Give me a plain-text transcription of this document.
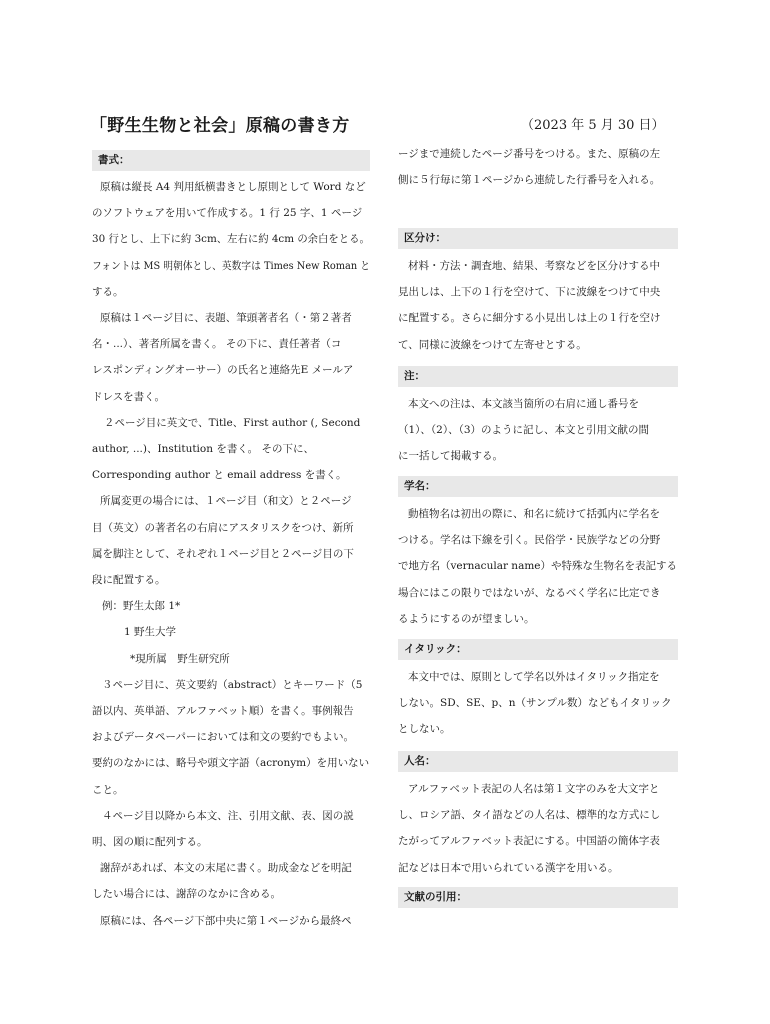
「野生生物と社会」原稿の書き方	（2023 年 5 月 30 日）
書式：
原稿は縦長 A4 判用紙横書きとし原則として Word など
のソフトウェアを用いて作成する。1 行 25 字、1 ページ
30 行とし、上下に約 3cm、左右に約 4cm の余白をとる。
フォントは MS 明朝体とし、英数字は Times New Roman と
する。
原稿は１ページ目に、表題、筆頭著者名（・第２著者
名・...）、著者所属を書く。 その下に、責任著者（コ
レスポンディングオーサー）の氏名と連絡先E メールア
ドレスを書く。
２ページ目に英文で、Title、First author (, Second
author, ...)、Institution を書く。 その下に、
Corresponding author と email address を書く。
所属変更の場合には、１ページ目（和文）と２ページ
目（英文）の著者名の右肩にアスタリスクをつけ、新所
属を脚注として、それぞれ１ページ目と２ページ目の下
段に配置する。
例：野生太郎 1*
1 野生大学
*現所属　野生研究所
３ページ目に、英文要約（abstract）とキーワード（5
語以内、英単語、アルファベット順）を書く。事例報告
およびデータペーパーにおいては和文の要約でもよい。
要約のなかには、略号や頭文字語（acronym）を用いない
こと。
４ページ目以降から本文、注、引用文献、表、図の説
明、図の順に配列する。
謝辞があれば、本文の末尾に書く。助成金などを明記
したい場合には、謝辞のなかに含める。
原稿には、各ページ下部中央に第１ページから最終ペ
ージまで連続したページ番号をつける。また、原稿の左
側に５行毎に第１ページから連続した行番号を入れる。
区分け：
材料・方法・調査地、結果、考察などを区分けする中
見出しは、上下の１行を空けて、下に波線をつけて中央
に配置する。さらに細分する小見出しは上の１行を空け
て、同様に波線をつけて左寄せとする。
注：
本文への注は、本文該当箇所の右肩に通し番号を
（1）、（2）、（3）のように記し、本文と引用文献の間
に一括して掲載する。
学名：
動植物名は初出の際に、和名に続けて括弧内に学名を
つける。学名は下線を引く。民俗学・民族学などの分野
で地方名（vernacular name）や特殊な生物名を表記する
場合にはこの限りではないが、なるべく学名に比定でき
るようにするのが望ましい。
イタリック：
本文中では、原則として学名以外はイタリック指定を
しない。SD、SE、p、n（サンプル数）などもイタリック
としない。
人名：
アルファベット表記の人名は第１文字のみを大文字と
し、ロシア語、タイ語などの人名は、標準的な方式にし
たがってアルファベット表記にする。中国語の簡体字表
記などは日本で用いられている漢字を用いる。
文献の引用：
